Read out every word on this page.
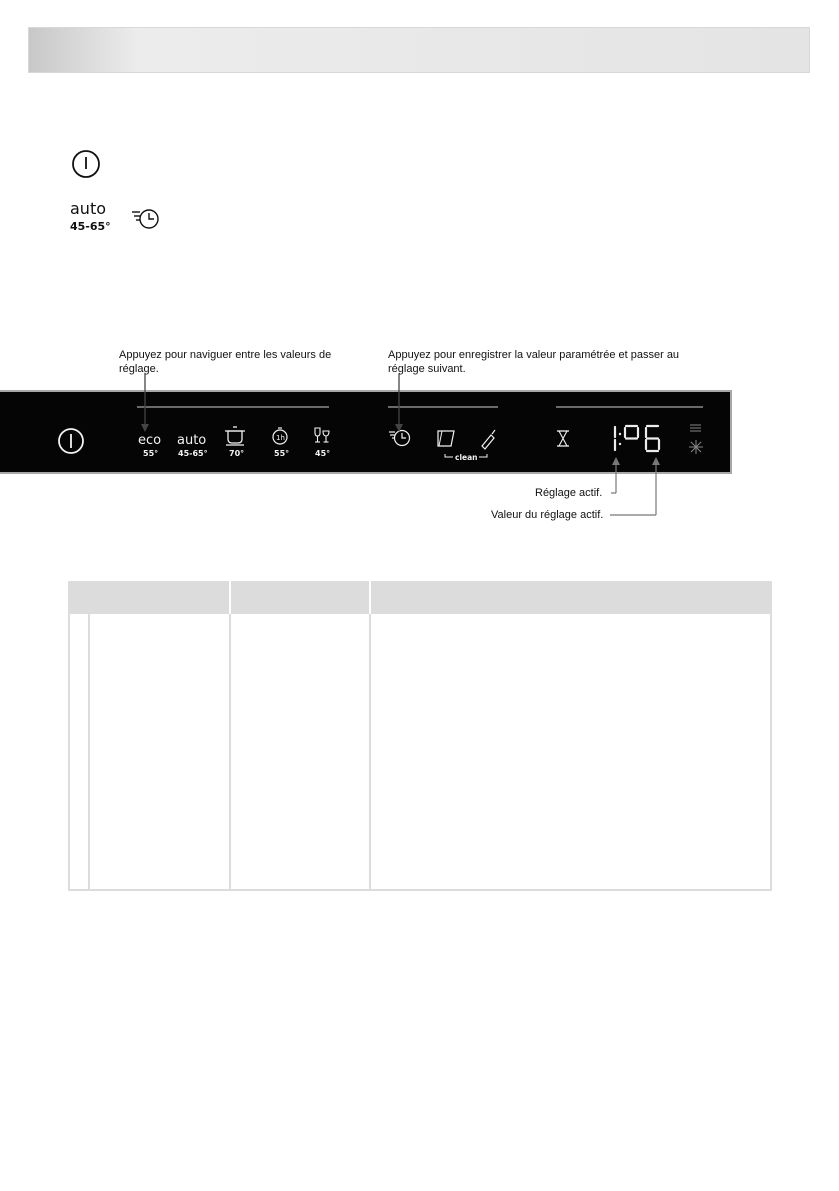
auto
45-65°
Appuyez pour naviguer entre les valeurs de réglage.
Appuyez pour enregistrer la valeur paramétrée et passer au réglage suivant.
eco
55°
auto
45-65°	70°
1h
55°	45°	clean
Réglage actif.
Valeur du réglage actif.
